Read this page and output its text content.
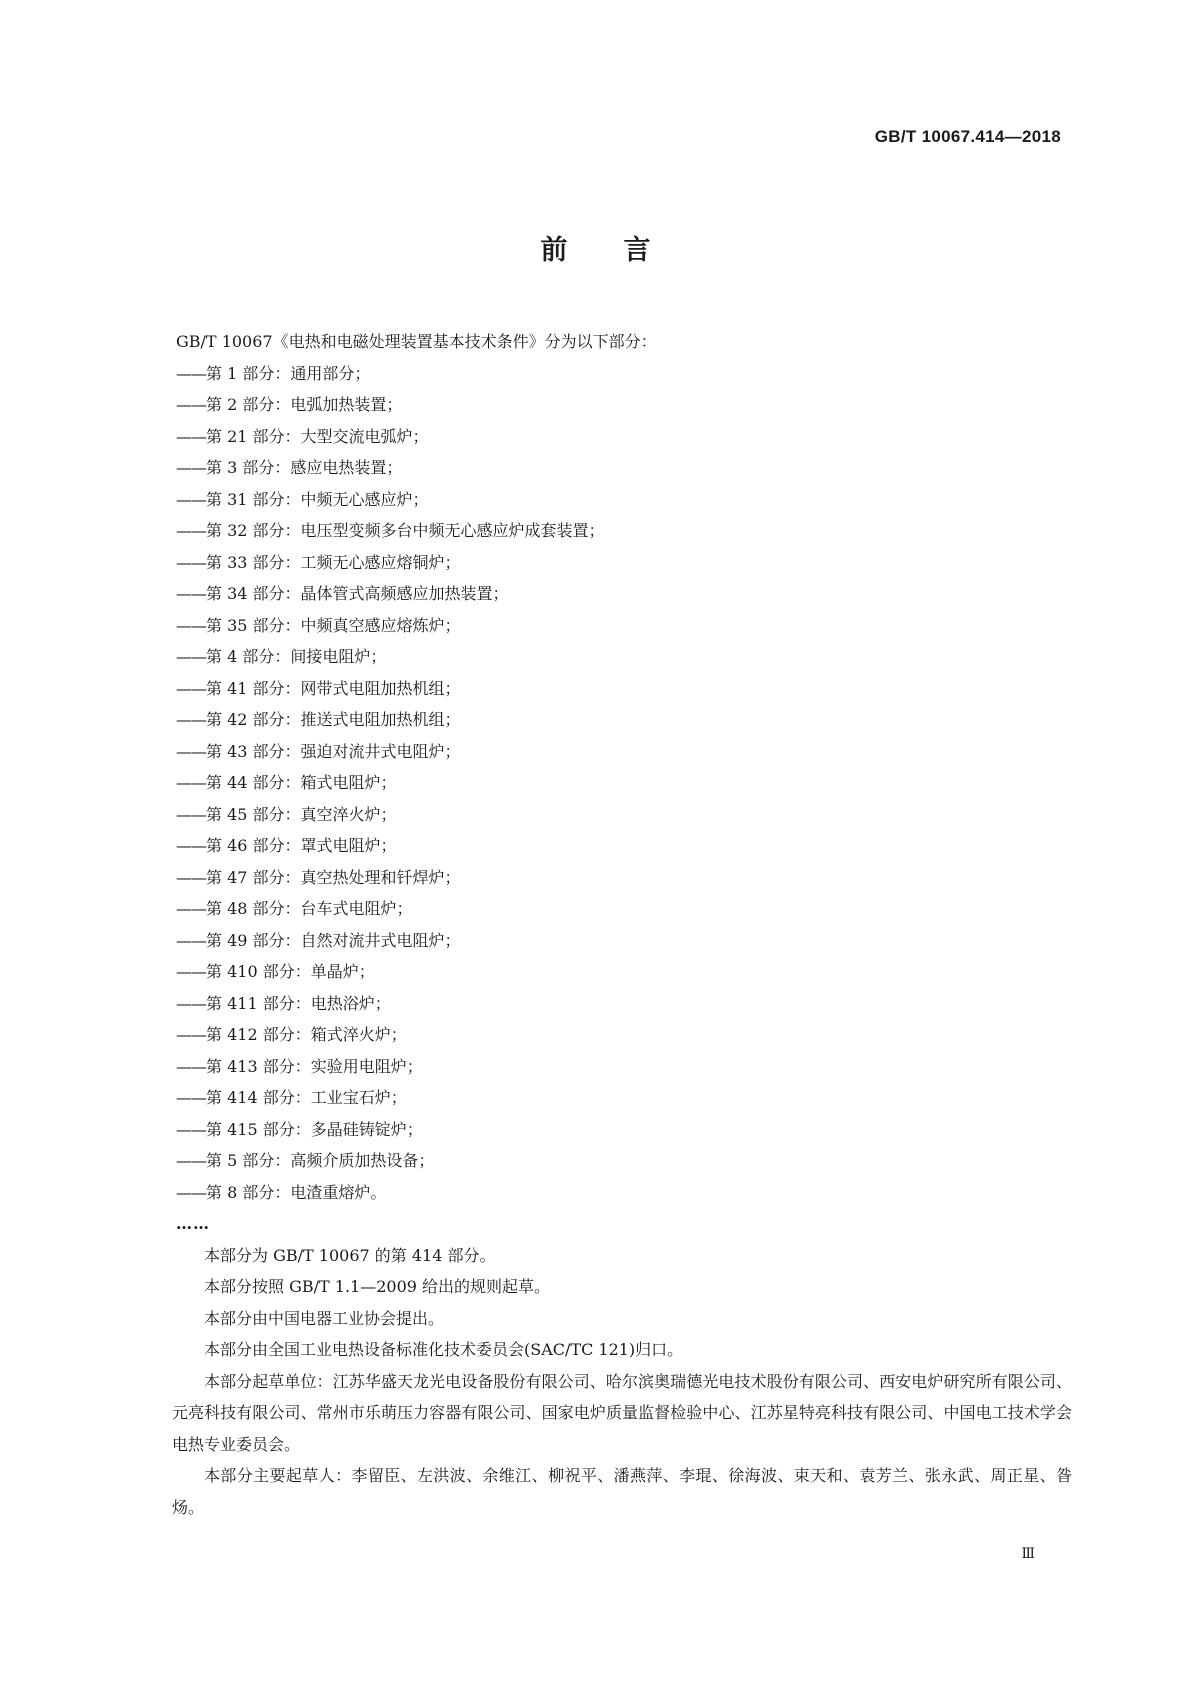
GB/T 10067.414—2018
前 言
GB/T 10067《电热和电磁处理装置基本技术条件》分为以下部分：
——第 1 部分：通用部分；
——第 2 部分：电弧加热装置；
——第 21 部分：大型交流电弧炉；
——第 3 部分：感应电热装置；
——第 31 部分：中频无心感应炉；
——第 32 部分：电压型变频多台中频无心感应炉成套装置；
——第 33 部分：工频无心感应熔铜炉；
——第 34 部分：晶体管式高频感应加热装置；
——第 35 部分：中频真空感应熔炼炉；
——第 4 部分：间接电阻炉；
——第 41 部分：网带式电阻加热机组；
——第 42 部分：推送式电阻加热机组；
——第 43 部分：强迫对流井式电阻炉；
——第 44 部分：箱式电阻炉；
——第 45 部分：真空淬火炉；
——第 46 部分：罩式电阻炉；
——第 47 部分：真空热处理和钎焊炉；
——第 48 部分：台车式电阻炉；
——第 49 部分：自然对流井式电阻炉；
——第 410 部分：单晶炉；
——第 411 部分：电热浴炉；
——第 412 部分：箱式淬火炉；
——第 413 部分：实验用电阻炉；
——第 414 部分：工业宝石炉；
——第 415 部分：多晶硅铸锭炉；
——第 5 部分：高频介质加热设备；
——第 8 部分：电渣重熔炉。
……
本部分为 GB/T 10067 的第 414 部分。
本部分按照 GB/T 1.1—2009 给出的规则起草。
本部分由中国电器工业协会提出。
本部分由全国工业电热设备标准化技术委员会(SAC/TC 121)归口。
本部分起草单位：江苏华盛天龙光电设备股份有限公司、哈尔滨奥瑞德光电技术股份有限公司、西安电炉研究所有限公司、元亮科技有限公司、常州市乐萌压力容器有限公司、国家电炉质量监督检验中心、江苏星特亮科技有限公司、中国电工技术学会电热专业委员会。
本部分主要起草人：李留臣、左洪波、余维江、柳祝平、潘燕萍、李琨、徐海波、束天和、袁芳兰、张永武、周正星、昝炀。
Ⅲ
